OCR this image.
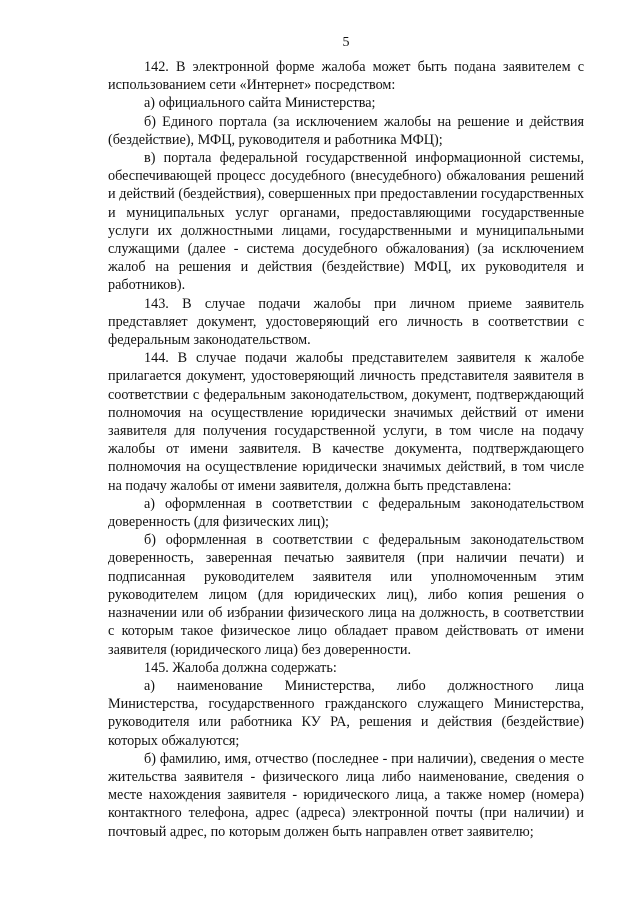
5

142. В электронной форме жалоба может быть подана заявителем с использованием сети «Интернет» посредством:

а) официального сайта Министерства;

б) Единого портала (за исключением жалобы на решение и действия (бездействие), МФЦ, руководителя и работника МФЦ);

в) портала федеральной государственной информационной системы, обеспечивающей процесс досудебного (внесудебного) обжалования решений и действий (бездействия), совершенных при предоставлении государственных и муниципальных услуг органами, предоставляющими государственные услуги их должностными лицами, государственными и муниципальными служащими (далее - система досудебного обжалования) (за исключением жалоб на решения и действия (бездействие) МФЦ, их руководителя и работников).

143. В случае подачи жалобы при личном приеме заявитель представляет документ, удостоверяющий его личность в соответствии с федеральным законодательством.

144. В случае подачи жалобы представителем заявителя к жалобе прилагается документ, удостоверяющий личность представителя заявителя в соответствии с федеральным законодательством, документ, подтверждающий полномочия на осуществление юридически значимых действий от имени заявителя для получения государственной услуги, в том числе на подачу жалобы от имени заявителя. В качестве документа, подтверждающего полномочия на осуществление юридически значимых действий, в том числе на подачу жалобы от имени заявителя, должна быть представлена:

а) оформленная в соответствии с федеральным законодательством доверенность (для физических лиц);

б) оформленная в соответствии с федеральным законодательством доверенность, заверенная печатью заявителя (при наличии печати) и подписанная руководителем заявителя или уполномоченным этим руководителем лицом (для юридических лиц), либо копия решения о назначении или об избрании физического лица на должность, в соответствии с которым такое физическое лицо обладает правом действовать от имени заявителя (юридического лица) без доверенности.

145. Жалоба должна содержать:

а) наименование Министерства, либо должностного лица Министерства, государственного гражданского служащего Министерства, руководителя или работника КУ РА, решения и действия (бездействие) которых обжалуются;

б) фамилию, имя, отчество (последнее - при наличии), сведения о месте жительства заявителя - физического лица либо наименование, сведения о месте нахождения заявителя - юридического лица, а также номер (номера) контактного телефона, адрес (адреса) электронной почты (при наличии) и почтовый адрес, по которым должен быть направлен ответ заявителю;
